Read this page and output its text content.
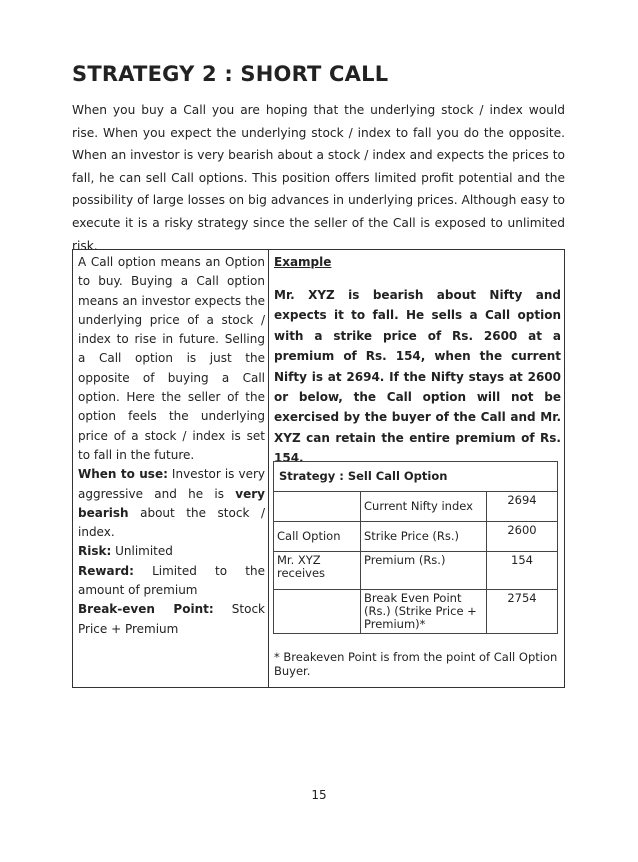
STRATEGY 2 : SHORT CALL
When you buy a Call you are hoping that the underlying stock / index would rise. When you expect the underlying stock / index to fall you do the opposite. When an investor is very bearish about a stock / index and expects the prices to fall, he can sell Call options. This position offers limited profit potential and the possibility of large losses on big advances in underlying prices. Although easy to execute it is a risky strategy since the seller of the Call is exposed to unlimited risk.

A Call option means an Option to buy. Buying a Call option means an investor expects the underlying price of a stock / index to rise in future. Selling a Call option is just the opposite of buying a Call option. Here the seller of the option feels the underlying price of a stock / index is set to fall in the future.

When to use: Investor is very aggressive and he is very bearish about the stock / index.

Risk: Unlimited

Reward: Limited to the amount of premium

Break-even Point: Stock Price + Premium

Example
Mr. XYZ is bearish about Nifty and expects it to fall. He sells a Call option with a strike price of Rs. 2600 at a premium of Rs. 154, when the current Nifty is at 2694. If the Nifty stays at 2600 or below, the Call option will not be exercised by the buyer of the Call and Mr. XYZ can retain the entire premium of Rs. 154.
Strategy : Sell Call Option		
	Current Nifty index	2694
Call Option	Strike Price (Rs.)	2600
Mr. XYZ receives	Premium (Rs.)	154
	Break Even Point (Rs.) (Strike Price + Premium)*	2754
* Breakeven Point is from the point of Call Option Buyer.
15
